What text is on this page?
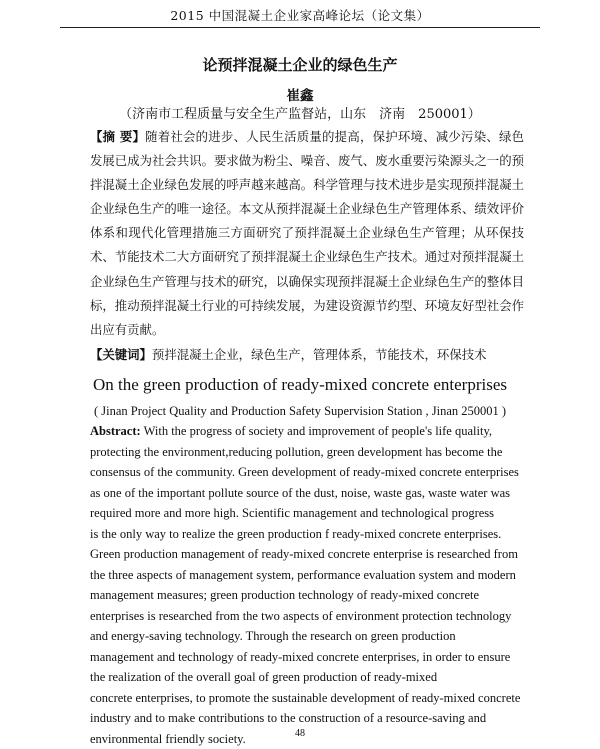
2015 中国混凝土企业家高峰论坛（论文集）
论预拌混凝土企业的绿色生产
崔鑫
（济南市工程质量与安全生产监督站，山东　济南　250001）
【摘 要】随着社会的进步、人民生活质量的提高，保护环境、减少污染、绿色发展已成为社会共识。要求做为粉尘、噪音、废气、废水重要污染源头之一的预拌混凝土企业绿色发展的呼声越来越高。科学管理与技术进步是实现预拌混凝土企业绿色生产的唯一途径。本文从预拌混凝土企业绿色生产管理体系、绩效评价体系和现代化管理措施三方面研究了预拌混凝土企业绿色生产管理；从环保技术、节能技术二大方面研究了预拌混凝土企业绿色生产技术。通过对预拌混凝土企业绿色生产管理与技术的研究，以确保实现预拌混凝土企业绿色生产的整体目标，推动预拌混凝土行业的可持续发展，为建设资源节约型、环境友好型社会作出应有贡献。
【关键词】预拌混凝土企业，绿色生产，管理体系，节能技术，环保技术
On the green production of ready-mixed concrete enterprises
( Jinan Project Quality and Production Safety Supervision Station , Jinan 250001 )
Abstract: With the progress of society and improvement of people's life quality,
protecting the environment,reducing pollution, green development has become the
consensus of the community. Green development of ready-mixed concrete enterprises
as one of the important pollute source of the dust, noise, waste gas, waste water was
required more and more high. Scientific management and technological progress
is the only way to realize the green production f ready-mixed concrete enterprises.
Green production management of ready-mixed concrete enterprise is researched from
the three aspects of management system, performance evaluation system and modern
management measures; green production technology of ready-mixed concrete
enterprises is researched from the two aspects of environment protection technology
and energy-saving technology. Through the research on green production
management and technology of ready-mixed concrete enterprises, in order to ensure
the realization of the overall goal of green production of ready-mixed
concrete enterprises, to promote the sustainable development of ready-mixed concrete
industry and to make contributions to the construction of a resource-saving and
environmental friendly society.	48
